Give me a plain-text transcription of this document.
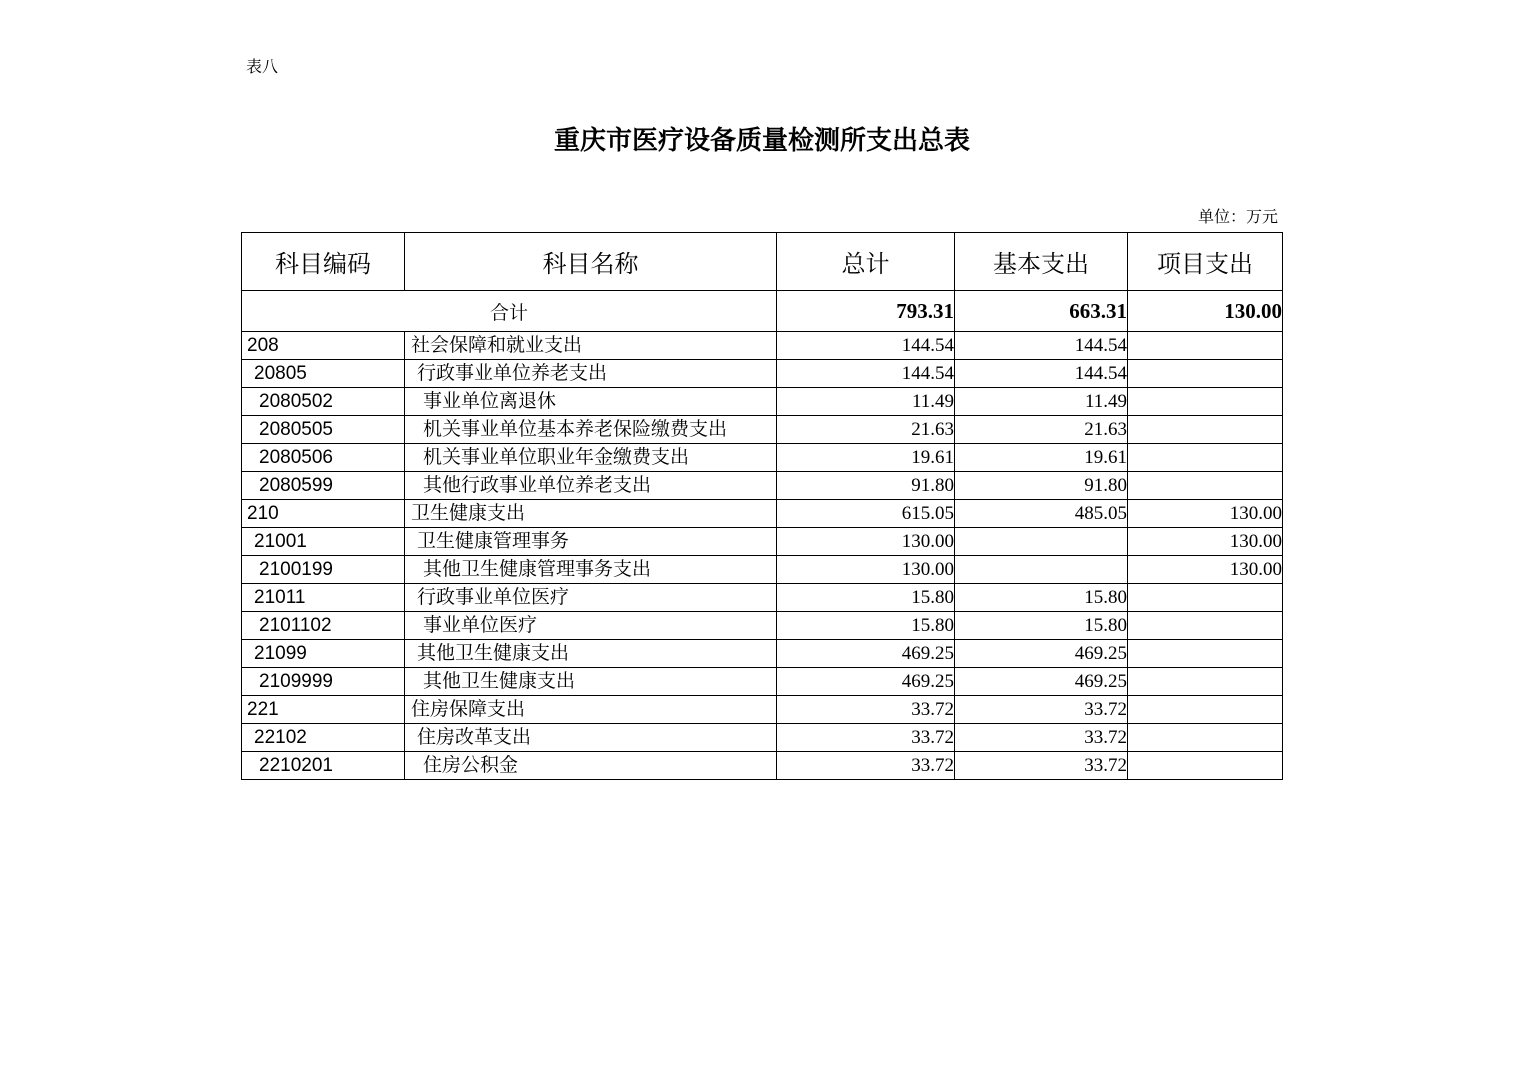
表八
重庆市医疗设备质量检测所支出总表
单位：万元
科目编码	科目名称	总计	基本支出	项目支出
合计		793.31	663.31	130.00
208	社会保障和就业支出	144.54	144.54	
20805	行政事业单位养老支出	144.54	144.54	
2080502	事业单位离退休	11.49	11.49	
2080505	机关事业单位基本养老保险缴费支出	21.63	21.63	
2080506	机关事业单位职业年金缴费支出	19.61	19.61	
2080599	其他行政事业单位养老支出	91.80	91.80	
210	卫生健康支出	615.05	485.05	130.00
21001	卫生健康管理事务	130.00		130.00
2100199	其他卫生健康管理事务支出	130.00		130.00
21011	行政事业单位医疗	15.80	15.80	
2101102	事业单位医疗	15.80	15.80	
21099	其他卫生健康支出	469.25	469.25	
2109999	其他卫生健康支出	469.25	469.25	
221	住房保障支出	33.72	33.72	
22102	住房改革支出	33.72	33.72	
2210201	住房公积金	33.72	33.72	
